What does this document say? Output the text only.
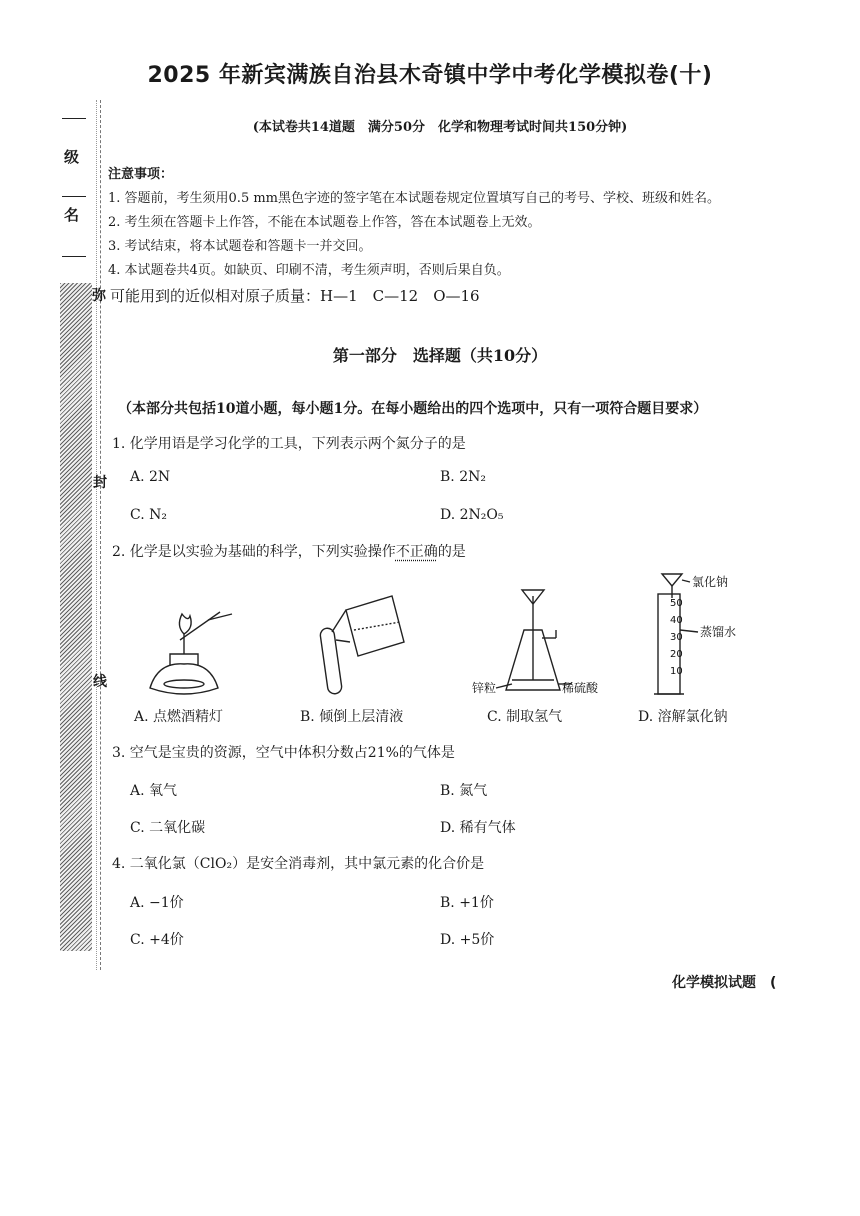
2025 年新宾满族自治县木奇镇中学中考化学模拟卷(十)
(本试卷共14道题　满分50分　化学和物理考试时间共150分钟)
级
名
弥
封
线
注意事项：
1. 答题前，考生须用0.5 mm黑色字迹的签字笔在本试题卷规定位置填写自己的考号、学校、班级和姓名。
2. 考生须在答题卡上作答，不能在本试题卷上作答，答在本试题卷上无效。
3. 考试结束，将本试题卷和答题卡一并交回。
4. 本试题卷共4页。如缺页、印刷不清，考生须声明，否则后果自负。
可能用到的近似相对原子质量：H—1　C—12　O—16
第一部分　选择题（共10分）
（本部分共包括10道小题，每小题1分。在每小题给出的四个选项中，只有一项符合题目要求）
1. 化学用语是学习化学的工具，下列表示两个氮分子的是
A. 2N	B. 2N₂
C. N₂	D. 2N₂O₅
2. 化学是以实验为基础的科学，下列实验操作不正确的是
锌粒	稀硫酸
50
40
30
20
10
氯化钠
蒸馏水
A. 点燃酒精灯	B. 倾倒上层清液	C. 制取氢气	D. 溶解氯化钠
3. 空气是宝贵的资源，空气中体积分数占21%的气体是
A. 氧气	B. 氮气
C. 二氧化碳	D. 稀有气体
4. 二氧化氯（ClO₂）是安全消毒剂，其中氯元素的化合价是
A. −1价	B. +1价
C. +4价	D. +5价
化学模拟试题　(
